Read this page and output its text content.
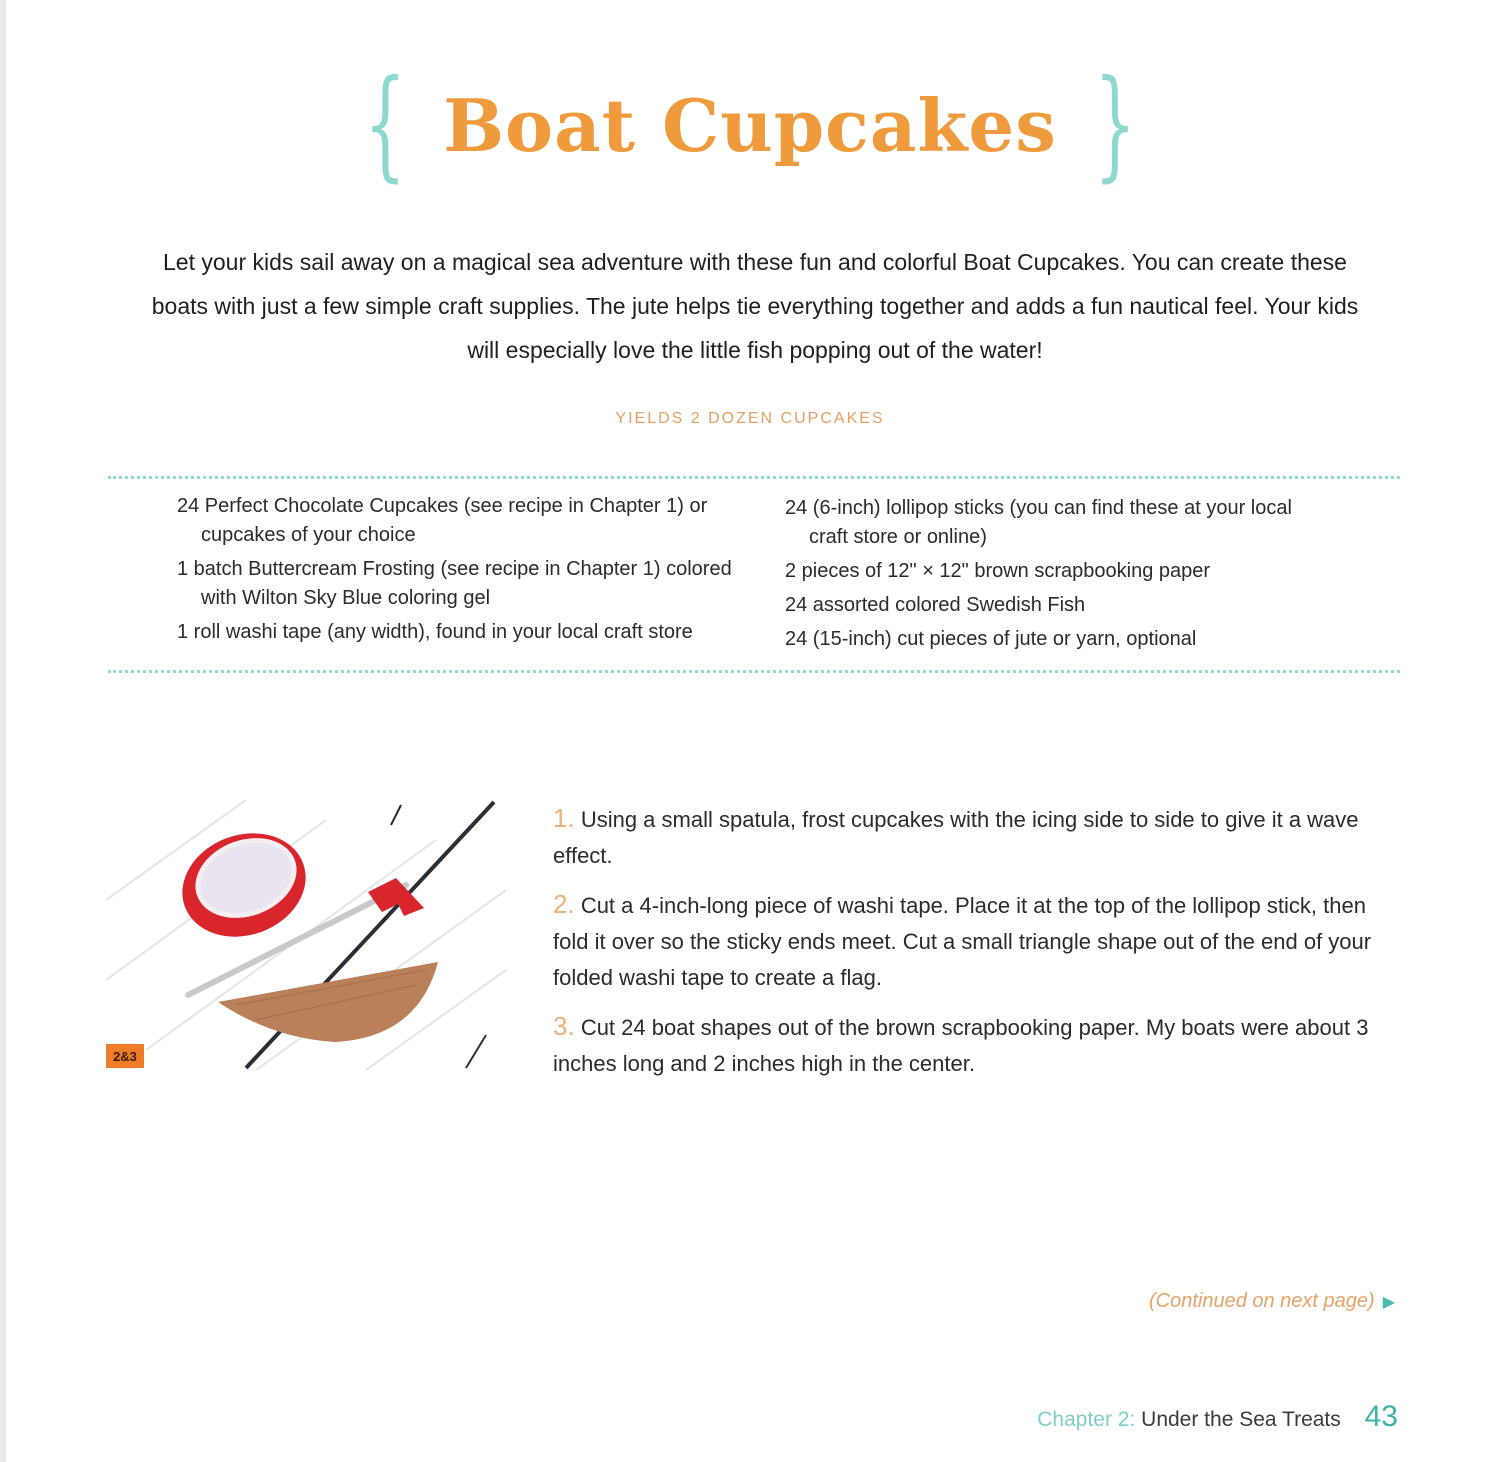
{ Boat Cupcakes }

Let your kids sail away on a magical sea adventure with these fun and colorful Boat Cupcakes. You can create these boats with just a few simple craft supplies. The jute helps tie everything together and adds a fun nautical feel. Your kids will especially love the little fish popping out of the water!

YIELDS 2 DOZEN CUPCAKES
24 Perfect Chocolate Cupcakes (see recipe in Chapter 1) or cupcakes of your choice
1 batch Buttercream Frosting (see recipe in Chapter 1) colored with Wilton Sky Blue coloring gel
1 roll washi tape (any width), found in your local craft store
24 (6-inch) lollipop sticks (you can find these at your local craft store or online)
2 pieces of 12" × 12" brown scrapbooking paper
24 assorted colored Swedish Fish
24 (15-inch) cut pieces of jute or yarn, optional
2&3
1. Using a small spatula, frost cupcakes with the icing side to side to give it a wave effect.
2. Cut a 4-inch-long piece of washi tape. Place it at the top of the lollipop stick, then fold it over so the sticky ends meet. Cut a small triangle shape out of the end of your folded washi tape to create a flag.
3. Cut 24 boat shapes out of the brown scrapbooking paper. My boats were about 3 inches long and 2 inches high in the center.
(Continued on next page) ▶
Chapter 2: Under the Sea Treats 43
